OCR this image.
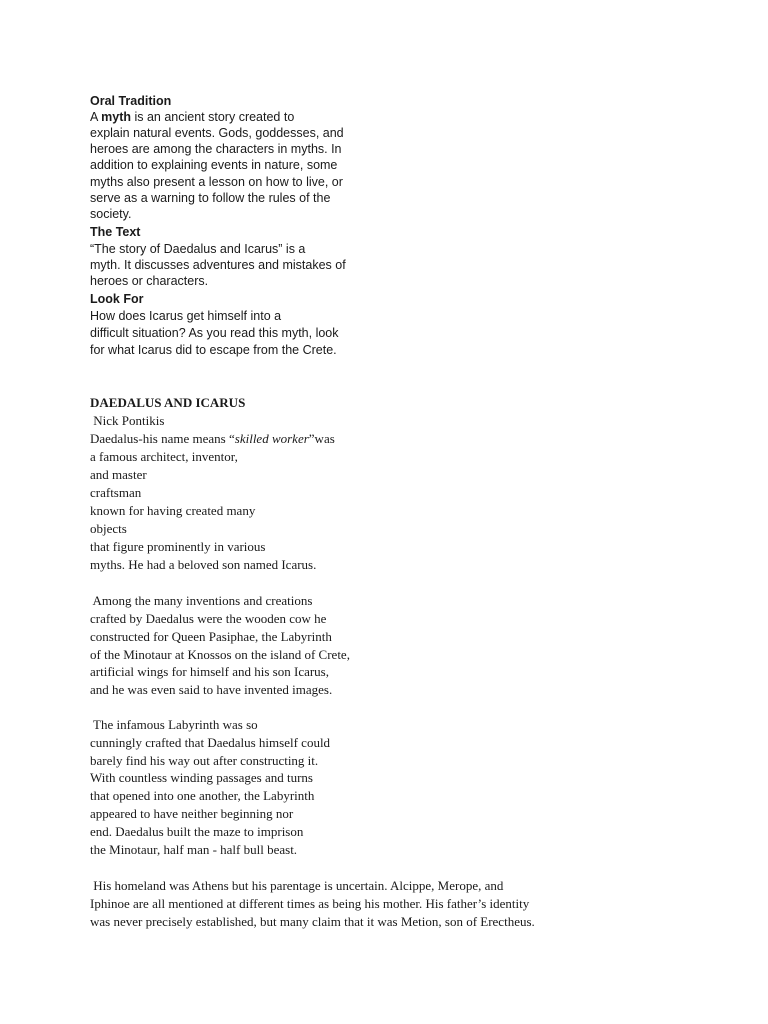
Oral Tradition
A myth is an ancient story created to
explain natural events. Gods, goddesses, and
heroes are among the characters in myths. In
addition to explaining events in nature, some
myths also present a lesson on how to live, or
serve as a warning to follow the rules of the
society.
The Text
“The story of Daedalus and Icarus” is a
myth. It discusses adventures and mistakes of
heroes or characters.
Look For
How does Icarus get himself into a
difficult situation? As you read this myth, look
for what Icarus did to escape from the Crete.
DAEDALUS AND ICARUS
Nick Pontikis
Daedalus-his name means “skilled worker”was
a famous architect, inventor,
and master
craftsman
known for having created many
objects
that figure prominently in various
myths. He had a beloved son named Icarus.
Among the many inventions and creations
crafted by Daedalus were the wooden cow he
constructed for Queen Pasiphae, the Labyrinth
of the Minotaur at Knossos on the island of Crete,
artificial wings for himself and his son Icarus,
and he was even said to have invented images.
The infamous Labyrinth was so
cunningly crafted that Daedalus himself could
barely find his way out after constructing it.
With countless winding passages and turns
that opened into one another, the Labyrinth
appeared to have neither beginning nor
end. Daedalus built the maze to imprison
the Minotaur, half man - half bull beast.
His homeland was Athens but his parentage is uncertain. Alcippe, Merope, and
Iphinoe are all mentioned at different times as being his mother. His father’s identity
was never precisely established, but many claim that it was Metion, son of Erectheus.
